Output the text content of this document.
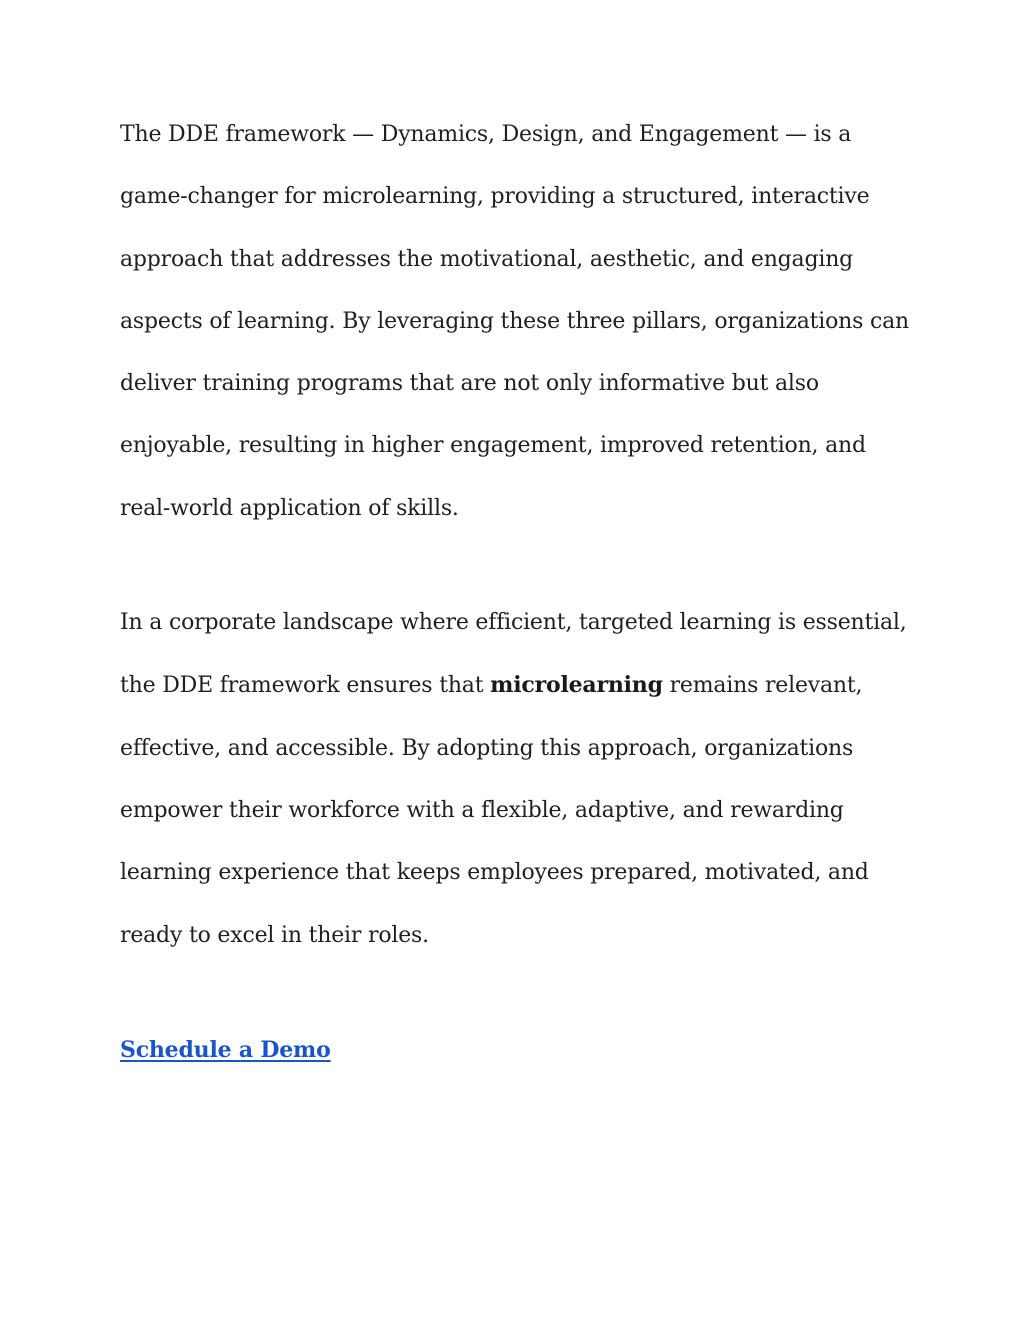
The DDE framework — Dynamics, Design, and Engagement — is a game-changer for microlearning, providing a structured, interactive approach that addresses the motivational, aesthetic, and engaging aspects of learning. By leveraging these three pillars, organizations can deliver training programs that are not only informative but also enjoyable, resulting in higher engagement, improved retention, and real-world application of skills.

In a corporate landscape where efficient, targeted learning is essential, the DDE framework ensures that microlearning remains relevant, effective, and accessible. By adopting this approach, organizations empower their workforce with a flexible, adaptive, and rewarding learning experience that keeps employees prepared, motivated, and ready to excel in their roles.

Schedule a Demo
